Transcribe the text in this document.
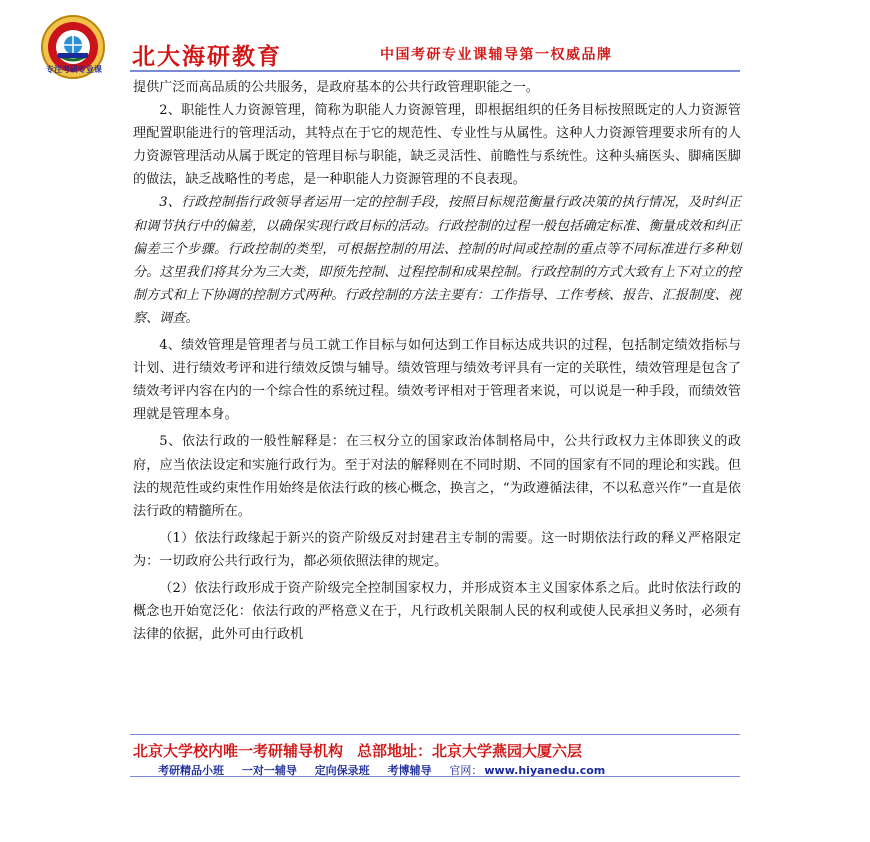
专注考研专业课	北大海研教育	中国考研专业课辅导第一权威品牌

提供广泛而高品质的公共服务，是政府基本的公共行政管理职能之一。

2、职能性人力资源管理，简称为职能人力资源管理，即根据组织的任务目标按照既定的人力资源管理配置职能进行的管理活动，其特点在于它的规范性、专业性与从属性。这种人力资源管理要求所有的人力资源管理活动从属于既定的管理目标与职能，缺乏灵活性、前瞻性与系统性。这种头痛医头、脚痛医脚的做法，缺乏战略性的考虑，是一种职能人力资源管理的不良表现。

3、行政控制指行政领导者运用一定的控制手段，按照目标规范衡量行政决策的执行情况，及时纠正和调节执行中的偏差，以确保实现行政目标的活动。行政控制的过程一般包括确定标准、衡量成效和纠正偏差三个步骤。行政控制的类型，可根据控制的用法、控制的时间或控制的重点等不同标准进行多种划分。这里我们将其分为三大类，即预先控制、过程控制和成果控制。行政控制的方式大致有上下对立的控制方式和上下协调的控制方式两种。行政控制的方法主要有：工作指导、工作考核、报告、汇报制度、视察、调查。

4、绩效管理是管理者与员工就工作目标与如何达到工作目标达成共识的过程，包括制定绩效指标与计划、进行绩效考评和进行绩效反馈与辅导。绩效管理与绩效考评具有一定的关联性，绩效管理是包含了绩效考评内容在内的一个综合性的系统过程。绩效考评相对于管理者来说，可以说是一种手段，而绩效管理就是管理本身。

5、依法行政的一般性解释是：在三权分立的国家政治体制格局中，公共行政权力主体即狭义的政府，应当依法设定和实施行政行为。至于对法的解释则在不同时期、不同的国家有不同的理论和实践。但法的规范性或约束性作用始终是依法行政的核心概念，换言之，“为政遵循法律，不以私意兴作”一直是依法行政的精髓所在。

（1）依法行政缘起于新兴的资产阶级反对封建君主专制的需要。这一时期依法行政的释义严格限定为：一切政府公共行政行为，都必须依照法律的规定。

（2）依法行政形成于资产阶级完全控制国家权力，并形成资本主义国家体系之后。此时依法行政的概念也开始宽泛化：依法行政的严格意义在于，凡行政机关限制人民的权利或使人民承担义务时，必须有法律的依据，此外可由行政机

北京大学校内唯一考研辅导机构 总部地址：北京大学燕园大厦六层
考研精品小班 一对一辅导 定向保录班 考博辅导 官网： www.hiyanedu.com
